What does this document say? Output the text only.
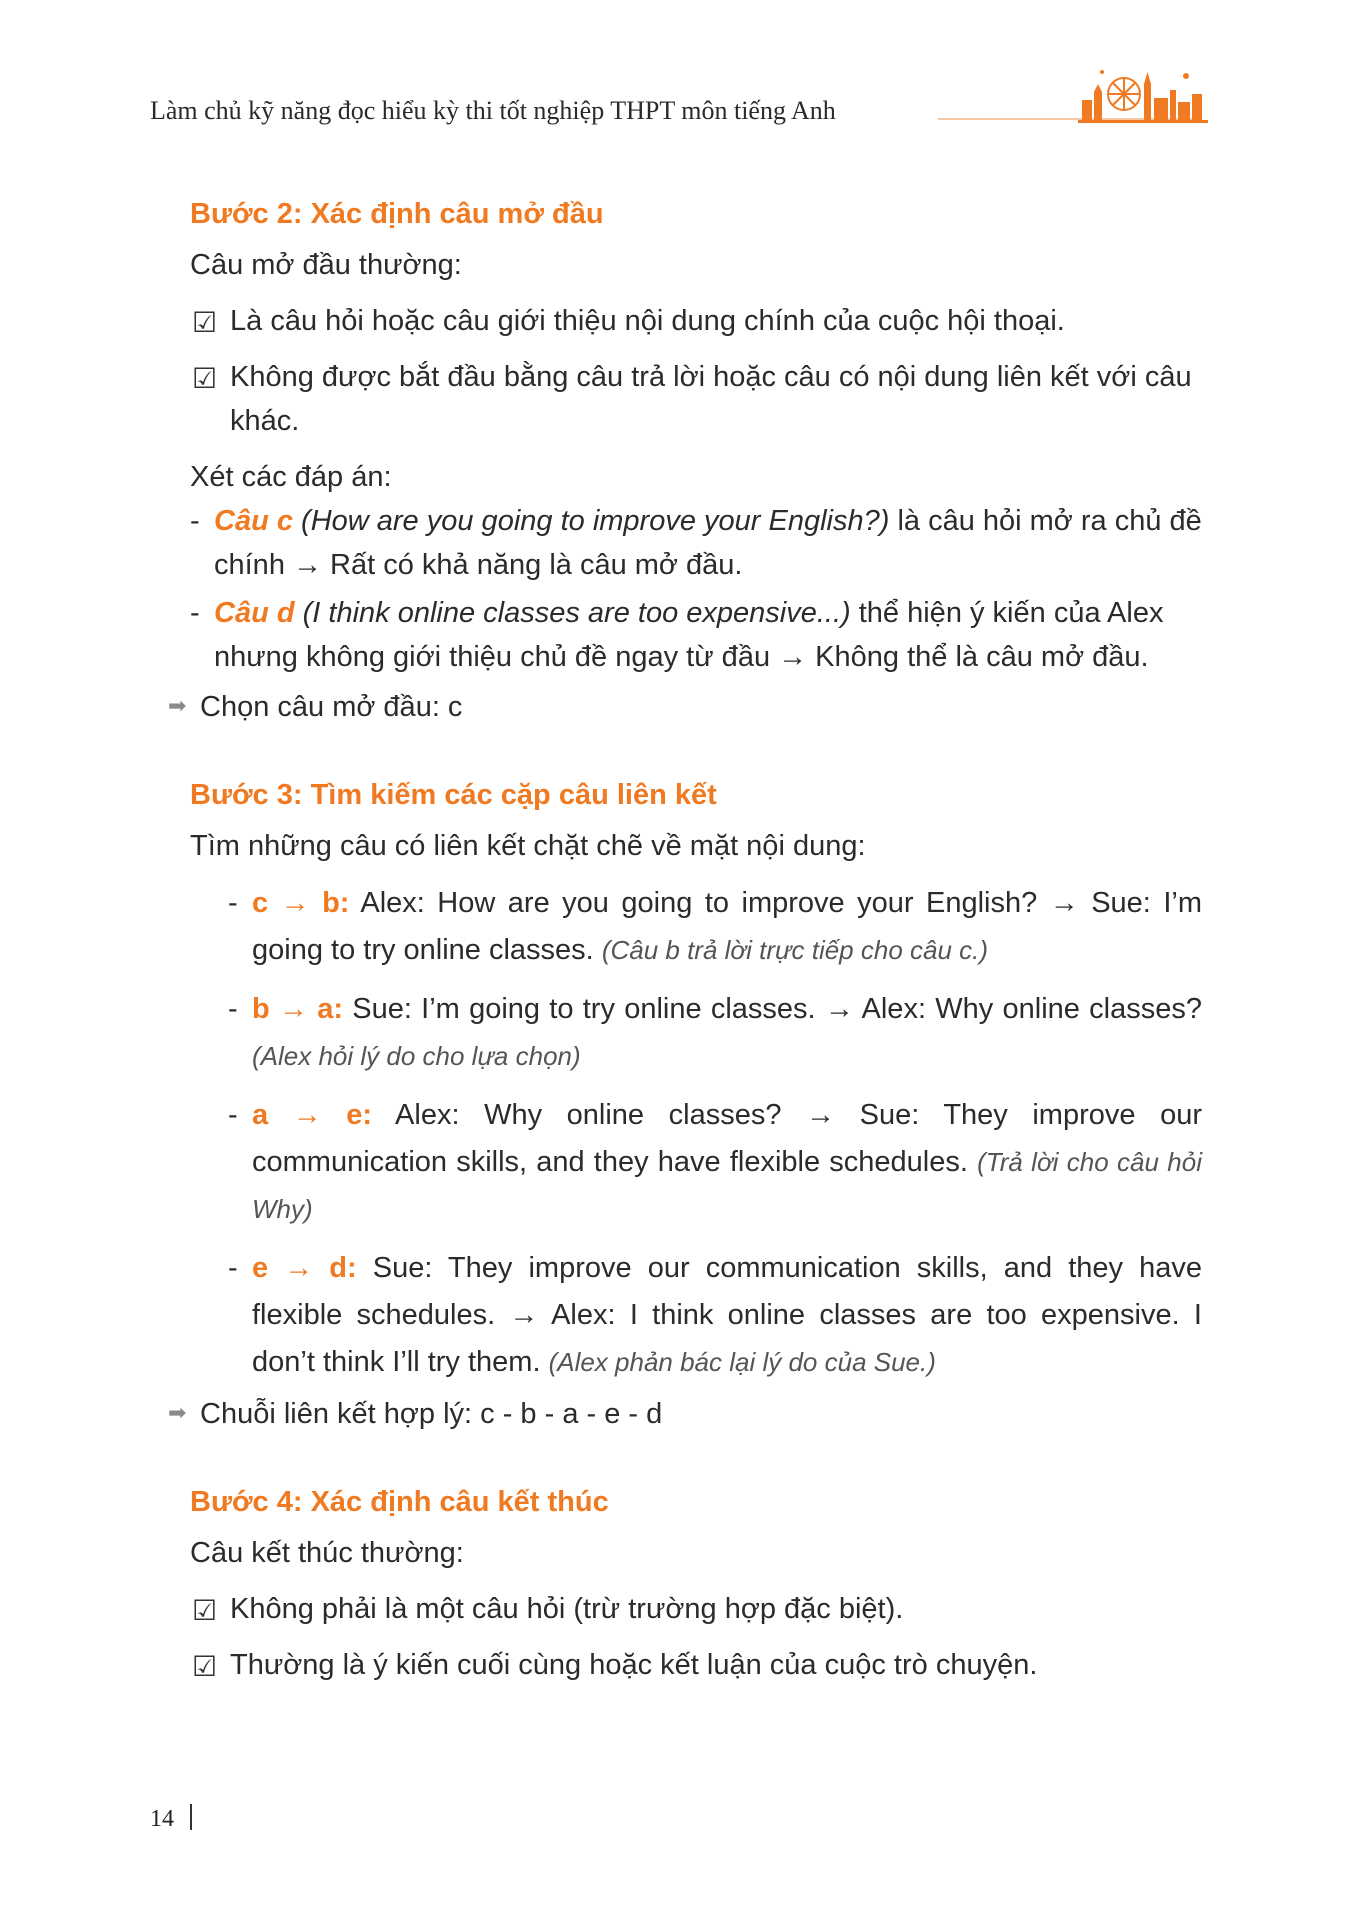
Làm chủ kỹ năng đọc hiểu kỳ thi tốt nghiệp THPT môn tiếng Anh
Bước 2: Xác định câu mở đầu
Câu mở đầu thường:
☑ Là câu hỏi hoặc câu giới thiệu nội dung chính của cuộc hội thoại.
☑ Không được bắt đầu bằng câu trả lời hoặc câu có nội dung liên kết với câu khác.
Xét các đáp án:
- Câu c (How are you going to improve your English?) là câu hỏi mở ra chủ đề chính → Rất có khả năng là câu mở đầu.
- Câu d (I think online classes are too expensive...) thể hiện ý kiến của Alex nhưng không giới thiệu chủ đề ngay từ đầu → Không thể là câu mở đầu.
➡ Chọn câu mở đầu: c
Bước 3: Tìm kiếm các cặp câu liên kết
Tìm những câu có liên kết chặt chẽ về mặt nội dung:
- c → b: Alex: How are you going to improve your English? → Sue: I’m going to try online classes. (Câu b trả lời trực tiếp cho câu c.)
- b → a: Sue: I’m going to try online classes. → Alex: Why online classes? (Alex hỏi lý do cho lựa chọn)
- a → e: Alex: Why online classes? → Sue: They improve our communication skills, and they have flexible schedules. (Trả lời cho câu hỏi Why)
- e → d: Sue: They improve our communication skills, and they have flexible schedules. → Alex: I think online classes are too expensive. I don’t think I’ll try them. (Alex phản bác lại lý do của Sue.)
➡ Chuỗi liên kết hợp lý: c - b - a - e - d
Bước 4: Xác định câu kết thúc
Câu kết thúc thường:
☑ Không phải là một câu hỏi (trừ trường hợp đặc biệt).
☑ Thường là ý kiến cuối cùng hoặc kết luận của cuộc trò chuyện.
14
